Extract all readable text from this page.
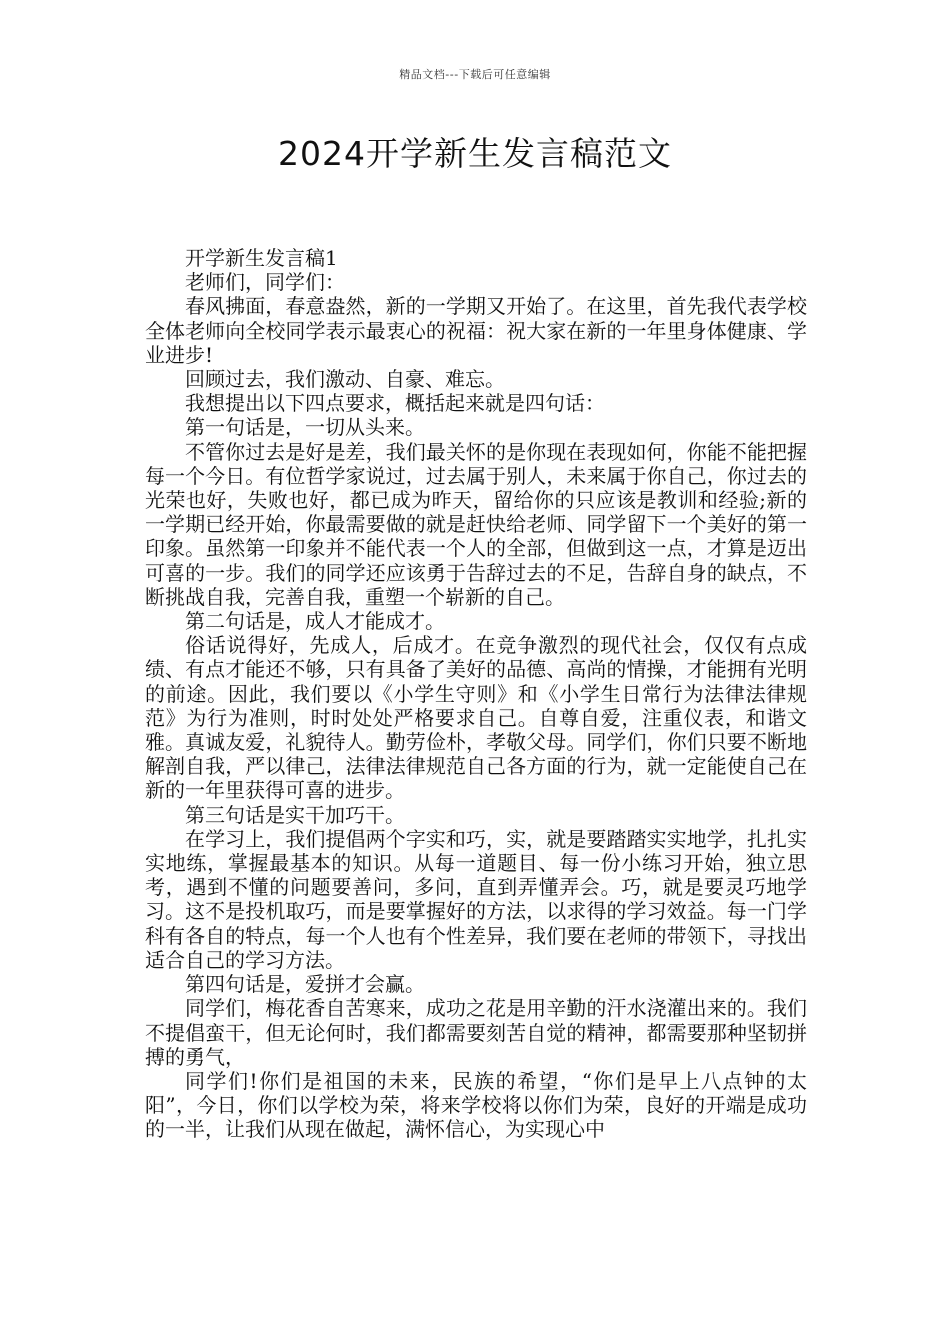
精品文档---下载后可任意编辑
2024开学新生发言稿范文

开学新生发言稿1

老师们，同学们：

春风拂面，春意盎然，新的一学期又开始了。在这里，首先我代表学校全体老师向全校同学表示最衷心的祝福：祝大家在新的一年里身体健康、学业进步!

回顾过去，我们激动、自豪、难忘。

我想提出以下四点要求，概括起来就是四句话：

第一句话是，一切从头来。

不管你过去是好是差，我们最关怀的是你现在表现如何，你能不能把握每一个今日。有位哲学家说过，过去属于别人，未来属于你自己，你过去的光荣也好，失败也好，都已成为昨天，留给你的只应该是教训和经验;新的一学期已经开始，你最需要做的就是赶快给老师、同学留下一个美好的第一印象。虽然第一印象并不能代表一个人的全部，但做到这一点，才算是迈出可喜的一步。我们的同学还应该勇于告辞过去的不足，告辞自身的缺点，不断挑战自我，完善自我，重塑一个崭新的自己。

第二句话是，成人才能成才。

俗话说得好，先成人，后成才。在竞争激烈的现代社会，仅仅有点成绩、有点才能还不够，只有具备了美好的品德、高尚的情操，才能拥有光明的前途。因此，我们要以《小学生守则》和《小学生日常行为法律法律规范》为行为准则，时时处处严格要求自己。自尊自爱，注重仪表，和谐文雅。真诚友爱，礼貌待人。勤劳俭朴，孝敬父母。同学们，你们只要不断地解剖自我，严以律己，法律法律规范自己各方面的行为，就一定能使自己在新的一年里获得可喜的进步。

第三句话是实干加巧干。

在学习上，我们提倡两个字实和巧，实，就是要踏踏实实地学，扎扎实实地练，掌握最基本的知识。从每一道题目、每一份小练习开始，独立思考，遇到不懂的问题要善问，多问，直到弄懂弄会。巧，就是要灵巧地学习。这不是投机取巧，而是要掌握好的方法，以求得的学习效益。每一门学科有各自的特点，每一个人也有个性差异，我们要在老师的带领下，寻找出适合自己的学习方法。

第四句话是，爱拼才会赢。

同学们，梅花香自苦寒来，成功之花是用辛勤的汗水浇灌出来的。我们不提倡蛮干，但无论何时，我们都需要刻苦自觉的精神，都需要那种坚韧拼搏的勇气，

同学们!你们是祖国的未来，民族的希望，“你们是早上八点钟的太阳”，今日，你们以学校为荣，将来学校将以你们为荣，良好的开端是成功的一半，让我们从现在做起，满怀信心，为实现心中
